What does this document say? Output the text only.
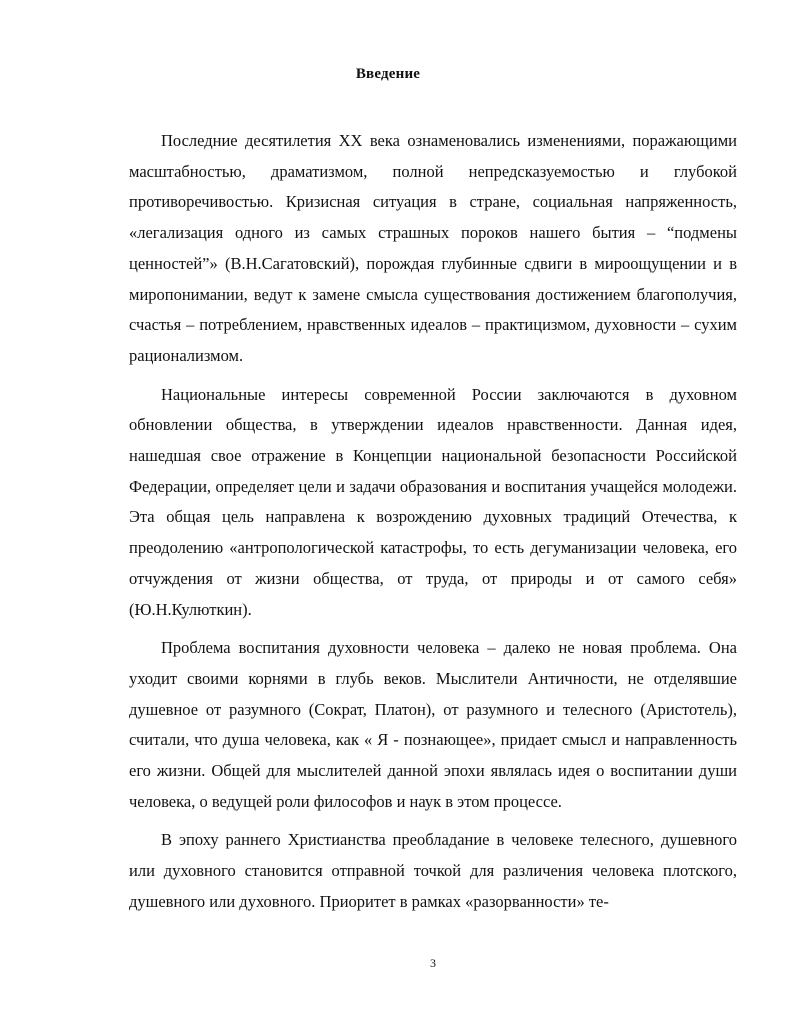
Введение

Последние десятилетия XX века ознаменовались изменениями, поражающими масштабностью, драматизмом, полной непредсказуемостью и глубокой противоречивостью. Кризисная ситуация в стране, социальная напряженность, «легализация одного из самых страшных пороков нашего бытия – “подмены ценностей”» (В.Н.Сагатовский), порождая глубинные сдвиги в мироощущении и в миропонимании, ведут к замене смысла существования достижением благополучия, счастья – потреблением, нравственных идеалов – практицизмом, духовности – сухим рационализмом.

Национальные интересы современной России заключаются в духовном обновлении общества, в утверждении идеалов нравственности. Данная идея, нашедшая свое отражение в Концепции национальной безопасности Российской Федерации, определяет цели и задачи образования и воспитания учащейся молодежи. Эта общая цель направлена к возрождению духовных традиций Отечества, к преодолению «антропологической катастрофы, то есть дегуманизации человека, его отчуждения от жизни общества, от труда, от природы и от самого себя» (Ю.Н.Кулюткин).

Проблема воспитания духовности человека – далеко не новая проблема. Она уходит своими корнями в глубь веков. Мыслители Античности, не отделявшие душевное от разумного (Сократ, Платон), от разумного и телесного (Аристотель), считали, что душа человека, как « Я - познающее», придает смысл и направленность его жизни. Общей для мыслителей данной эпохи являлась идея о воспитании души человека, о ведущей роли философов и наук в этом процессе.

В эпоху раннего Христианства преобладание в человеке телесного, душевного или духовного становится отправной точкой для различения человека плотского, душевного или духовного. Приоритет в рамках «разорванности» те-

3
